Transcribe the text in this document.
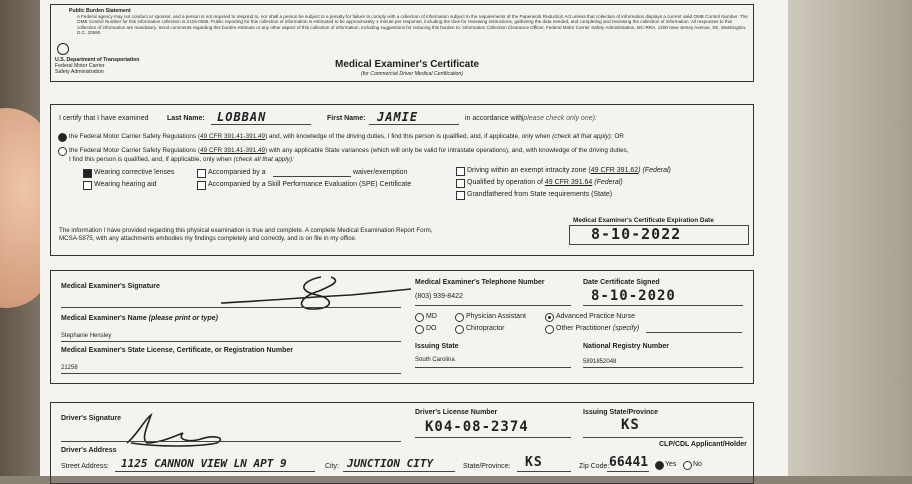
Public Burden Statement
A Federal agency may not conduct or sponsor, and a person is not required to respond to, nor shall a person be subject to a penalty for failure to comply with a collection of information subject to the requirements of the Paperwork Reduction Act unless that collection of information displays a current valid OMB Control Number. The OMB Control Number for this information collection is 2126-0006. Public reporting for this collection of information is estimated to be approximately 1 minute per response, including the time for reviewing instructions, gathering the data needed, and completing and reviewing the collection of information. All responses to this collection of information are mandatory. Send comments regarding this burden estimate or any other aspect of this collection of information, including suggestions for reducing this burden to: Information Collection Clearance Officer, Federal Motor Carrier Safety Administration, MC-RRA, 1200 New Jersey Avenue, SE, Washington, D.C. 20590.
U.S. Department of Transportation
Federal Motor Carrier
Safety Administration
Medical Examiner's Certificate
(for Commercial Driver Medical Certification)
I certify that I have examined	Last Name: LOBBAN	First Name: JAMIE	in accordance with
(please check only one):
the Federal Motor Carrier Safety Regulations (49 CFR 391.41-391.49) and, with knowledge of the driving duties, I find this person is qualified, and, if applicable, only when (check all that apply): OR
the Federal Motor Carrier Safety Regulations (49 CFR 391.41-391.49) with any applicable State variances (which will only be valid for intrastate operations), and, with knowledge of the driving duties,
I find this person is qualified, and, if applicable, only when (check all that apply):
Wearing corrective lenses
Wearing hearing aid
Accompanied by a	waiver/exemption
Accompanied by a Skill Performance Evaluation (SPE) Certificate
Driving within an exempt intracity zone (49 CFR 391.62) (Federal)
Qualified by operation of 49 CFR 391.64 (Federal)
Grandfathered from State requirements (State)
The information I have provided regarding this physical examination is true and complete. A complete Medical Examination Report Form,
MCSA-5875, with any attachments embodies my findings completely and correctly, and is on file in my office.
Medical Examiner's Certificate Expiration Date
8-10-2022
Medical Examiner's Signature
Medical Examiner's Telephone Number
(803) 939-8422
Date Certificate Signed
8-10-2020
Medical Examiner's Name (please print or type)
Stephanie Hensley
MD
DO
Physician Assistant
Chiropractor
Advanced Practice Nurse
Other Practitioner (specify)
Medical Examiner's State License, Certificate, or Registration Number
21258
Issuing State
South Carolina
National Registry Number
5891852048
Driver's Signature
Driver's License Number
K04-08-2374
Issuing State/Province
KS
Driver's Address
CLP/CDL Applicant/Holder
Street Address: 1125 CANNON VIEW LN APT 9	City: JUNCTION CITY	State/Province: KS	Zip Code: 66441 Yes No
